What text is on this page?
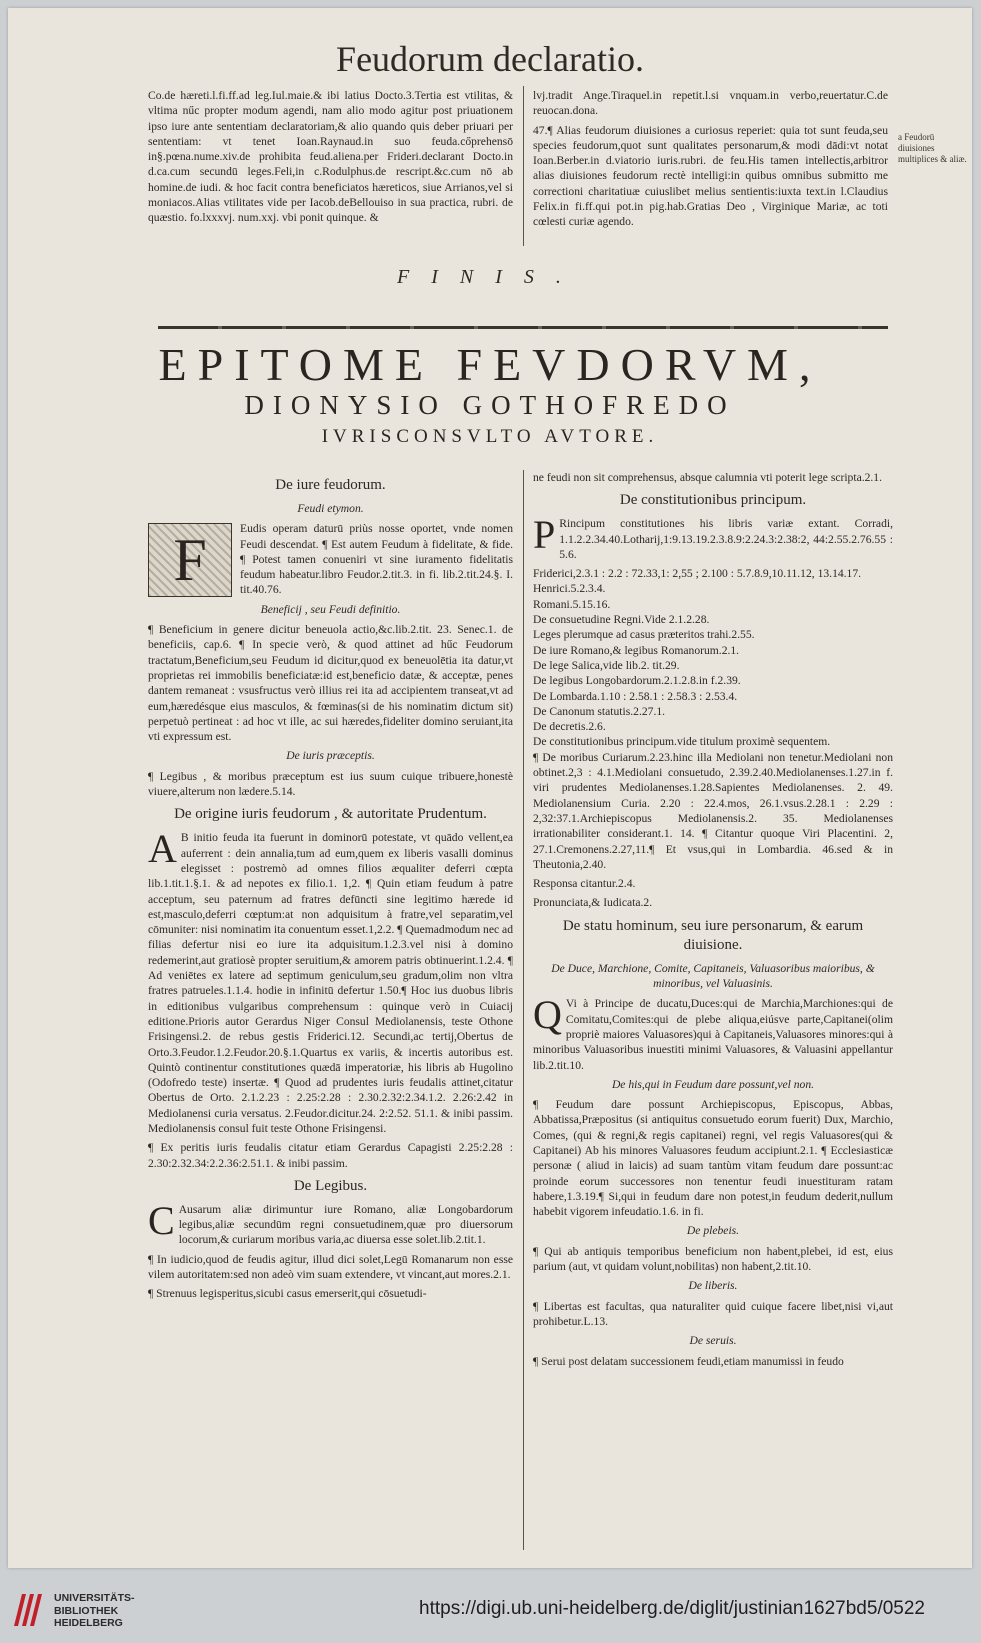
Feudorum declaratio.

Co.de hæreti.l.fi.ff.ad leg.Iul.maie.& ibi latius Docto.3.Tertia est vtilitas, & vltima nűc propter modum agendi, nam alio modo agitur post priuationem ipso iure ante sententiam declaratoriam,& alio quando quis deber priuari per sententiam: vt tenet Ioan.Raynaud.in suo feuda.cőprehensō in§.pœna.nume.xiv.de prohibita feud.aliena.per Frideri.declarant Docto.in d.ca.cum secundū leges.Feli,in c.Rodulphus.de rescript.&c.cum nō ab homine.de iudi. & hoc facit contra beneficiatos hæreticos, siue Arrianos,vel si moniacos.Alias vtilitates vide per Iacob.deBellouiso in sua practica, rubri. de quæstio. fo.lxxxvj. num.xxj. vbi ponit quinque. &

lvj.tradit Ange.Tiraquel.in repetit.l.si vnquam.in verbo,reuertatur.C.de reuocan.dona.

47.¶ Alias feudorum diuisiones a curiosus reperiet: quia tot sunt feuda,seu species feudorum,quot sunt qualitates personarum,& modi dādi:vt notat Ioan.Berber.in d.viatorio iuris.rubri. de feu.His tamen intellectis,arbitror alias diuisiones feudorum rectè intelligi:in quibus omnibus submitto me correctioni charitatiuæ cuiuslibet melius sentientis:iuxta text.in l.Claudius Felix.in fi.ff.qui pot.in pig.hab.Gratias Deo , Virginique Mariæ, ac toti cœlesti curiæ agendo.

a Feudorū diuisiones multiplices & aliæ.
FINIS.
EPITOME FEVDORVM,
DIONYSIO GOTHOFREDO
IVRISCONSVLTO AVTORE.
De iure feudorum.
Feudi etymon.

F	Eudis operam daturū priùs nosse oportet, vnde nomen Feudi descendat. ¶ Est autem Feudum à fidelitate, & fide. ¶ Potest tamen conueniri vt sine iuramento fidelitatis feudum habeatur.libro Feudor.2.tit.3. in fi. lib.2.tit.24.§. I. tit.40.76.

Beneficij , seu Feudi definitio.

¶ Beneficium in genere dicitur beneuola actio,&c.lib.2.tit. 23. Senec.1. de beneficiis, cap.6. ¶ In specie verò, & quod attinet ad hűc Feudorum tractatum,Beneficium,seu Feudum id dicitur,quod ex beneuolētia ita datur,vt proprietas rei immobilis beneficiatæ:id est,beneficio datæ, & acceptæ, penes dantem remaneat : vsusfructus verò illius rei ita ad accipientem transeat,vt ad eum,hæredésque eius masculos, & fœminas(si de his nominatim dictum sit) perpetuò pertineat : ad hoc vt ille, ac sui hæredes,fideliter domino seruiant,ita vti expressum est.

De iuris præceptis.

¶ Legibus , & moribus præceptum est ius suum cuique tribuere,honestè viuere,alterum non lædere.5.14.

De origine iuris feudorum , & autoritate Prudentum.

A B initio feuda ita fuerunt in dominorū potestate, vt quādo vellent,ea auferrent : dein annalia,tum ad eum,quem ex liberis vasalli dominus elegisset : postremò ad omnes filios æqualiter deferri cœpta lib.1.tit.1.§.1. & ad nepotes ex filio.1. 1,2. ¶ Quin etiam feudum à patre acceptum, seu paternum ad fratres defūncti sine legitimo hærede id est,masculo,deferri cœptum:at non adquisitum à fratre,vel separatim,vel cōmuniter: nisi nominatim ita conuentum esset.1,2.2. ¶ Quemadmodum nec ad filias defertur nisi eo iure ita adquisitum.1.2.3.vel nisi à domino redemerint,aut gratiosè propter seruitium,& amorem patris obtinuerint.1.2.4. ¶ Ad veniētes ex latere ad septimum geniculum,seu gradum,olim non vltra fratres patrueles.1.1.4. hodie in infinitū defertur 1.50.¶ Hoc ius duobus libris in editionibus vulgaribus comprehensum : quinque verò in Cuiacij editione.Prioris autor Gerardus Niger Consul Mediolanensis, teste Othone Frisingensi.2. de rebus gestis Friderici.12. Secundi,ac tertij,Obertus de Orto.3.Feudor.1.2.Feudor.20.§.1.Quartus ex variis, & incertis autoribus est. Quintò continentur constitutiones quædā imperatoriæ, his libris ab Hugolino (Odofredo teste) insertæ. ¶ Quod ad prudentes iuris feudalis attinet,citatur Obertus de Orto. 2.1.2.23 : 2.25:2.28 : 2.30.2.32:2.34.1.2. 2.26:2.42 in Mediolanensi curia versatus. 2.Feudor.dicitur.24. 2:2.52. 51.1. & inibi passim. Mediolanensis consul fuit teste Othone Frisingensi.

¶ Ex peritis iuris feudalis citatur etiam Gerardus Capagisti 2.25:2.28 : 2.30:2.32.34:2.2.36:2.51.1. & inibi passim.

De Legibus.

C Ausarum aliæ dirimuntur iure Romano, aliæ Longobardorum legibus,aliæ secundūm regni consuetudinem,quæ pro diuersorum locorum,& curiarum moribus varia,ac diuersa esse solet.lib.2.tit.1.

¶ In iudicio,quod de feudis agitur, illud dici solet,Legū Romanarum non esse vilem autoritatem:sed non adeò vim suam extendere, vt vincant,aut mores.2.1.

¶ Strenuus legisperitus,sicubi casus emerserit,qui cōsuetudi-

ne feudi non sit comprehensus, absque calumnia vti poterit lege scripta.2.1.

De constitutionibus principum.

P Rincipum constitutiones his libris variæ extant. Corradi, 1.1.2.2.34.40.Lotharij,1:9.13.19.2.3.8.9:2.24.3:2.38:2, 44:2.55.2.76.55 : 5.6.

Friderici,2.3.1 : 2.2 : 72.33,1: 2,55 ; 2.100 : 5.7.8.9,10.11.12, 13.14.17.
Henrici.5.2.3.4.
Romani.5.15.16.
De consuetudine Regni.Vide 2.1.2.28.
Leges plerumque ad casus præteritos trahi.2.55.
De iure Romano,& legibus Romanorum.2.1.
De lege Salica,vide lib.2. tit.29.
De legibus Longobardorum.2.1.2.8.in f.2.39.
De Lombarda.1.10 : 2.58.1 : 2.58.3 : 2.53.4.
De Canonum statutis.2.27.1.
De decretis.2.6.
De constitutionibus principum.vide titulum proximè sequentem.

¶ De moribus Curiarum.2.23.hinc illa Mediolani non tenetur.Mediolani non obtinet.2,3 : 4.1.Mediolani consuetudo, 2.39.2.40.Mediolanenses.1.27.in f. viri prudentes Mediolanenses.1.28.Sapientes Mediolanenses. 2. 49. Mediolanensium Curia. 2.20 : 22.4.mos, 26.1.vsus.2.28.1 : 2.29 : 2,32:37.1.Archiepiscopus Mediolanensis.2. 35. Mediolanenses irrationabiliter considerant.1. 14. ¶ Citantur quoque Viri Placentini. 2, 27.1.Cremonens.2.27,11.¶ Et vsus,qui in Lombardia. 46.sed & in Theutonia,2.40.

Responsa citantur.2.4.

Pronunciata,& Iudicata.2.

De statu hominum, seu iure personarum, & earum diuisione.
De Duce, Marchione, Comite, Capitaneis, Valuasoribus maioribus, & minoribus, vel Valuasinis.

Q Vi à Principe de ducatu,Duces:qui de Marchia,Marchiones:qui de Comitatu,Comites:qui de plebe aliqua,eiúsve parte,Capitanei(olim propriè maiores Valuasores)qui à Capitaneis,Valuasores minores:qui à minoribus Valuasoribus inuestiti minimi Valuasores, & Valuasini appellantur lib.2.tit.10.

De his,qui in Feudum dare possunt,vel non.

¶ Feudum dare possunt Archiepiscopus, Episcopus, Abbas, Abbatissa,Præpositus (si antiquitus consuetudo eorum fuerit) Dux, Marchio, Comes, (qui & regni,& regis capitanei) regni, vel regis Valuasores(qui & Capitanei) Ab his minores Valuasores feudum accipiunt.2.1. ¶ Ecclesiasticæ personæ ( aliud in laicis) ad suam tantùm vitam feudum dare possunt:ac proinde eorum successores non tenentur feudi inuestituram ratam habere,1.3.19.¶ Si,qui in feudum dare non potest,in feudum dederit,nullum habebit vigorem infeudatio.1.6. in fi.

De plebeis.

¶ Qui ab antiquis temporibus beneficium non habent,plebei, id est, eius parium (aut, vt quidam volunt,nobilitas) non habent,2.tit.10.

De liberis.

¶ Libertas est facultas, qua naturaliter quid cuique facere libet,nisi vi,aut prohibetur.L.13.

De seruis.

¶ Serui post delatam successionem feudi,etiam manumissi in feudo

UNIVERSITÄTS-
BIBLIOTHEK
HEIDELBERG
https://digi.ub.uni-heidelberg.de/diglit/justinian1627bd5/0522
